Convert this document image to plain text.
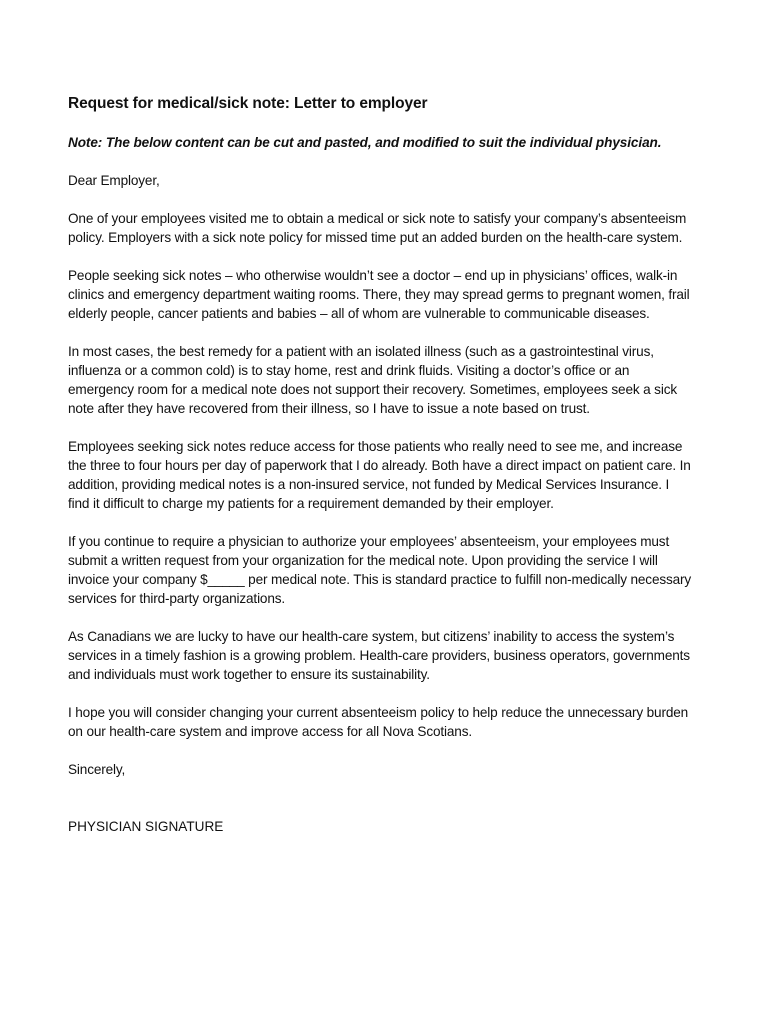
Request for medical/sick note: Letter to employer

Note: The below content can be cut and pasted, and modified to suit the individual physician.

Dear Employer,

One of your employees visited me to obtain a medical or sick note to satisfy your company’s absenteeism policy. Employers with a sick note policy for missed time put an added burden on the health-care system.

People seeking sick notes – who otherwise wouldn’t see a doctor – end up in physicians’ offices, walk-in clinics and emergency department waiting rooms. There, they may spread germs to pregnant women, frail elderly people, cancer patients and babies – all of whom are vulnerable to communicable diseases.

In most cases, the best remedy for a patient with an isolated illness (such as a gastrointestinal virus, influenza or a common cold) is to stay home, rest and drink fluids. Visiting a doctor’s office or an emergency room for a medical note does not support their recovery. Sometimes, employees seek a sick note after they have recovered from their illness, so I have to issue a note based on trust.

Employees seeking sick notes reduce access for those patients who really need to see me, and increase the three to four hours per day of paperwork that I do already. Both have a direct impact on patient care. In addition, providing medical notes is a non-insured service, not funded by Medical Services Insurance. I find it difficult to charge my patients for a requirement demanded by their employer.

If you continue to require a physician to authorize your employees’ absenteeism, your employees must submit a written request from your organization for the medical note. Upon providing the service I will invoice your company $_____ per medical note. This is standard practice to fulfill non-medically necessary services for third-party organizations.

As Canadians we are lucky to have our health-care system, but citizens’ inability to access the system’s services in a timely fashion is a growing problem. Health-care providers, business operators, governments and individuals must work together to ensure its sustainability.

I hope you will consider changing your current absenteeism policy to help reduce the unnecessary burden on our health-care system and improve access for all Nova Scotians.

Sincerely,

PHYSICIAN SIGNATURE
